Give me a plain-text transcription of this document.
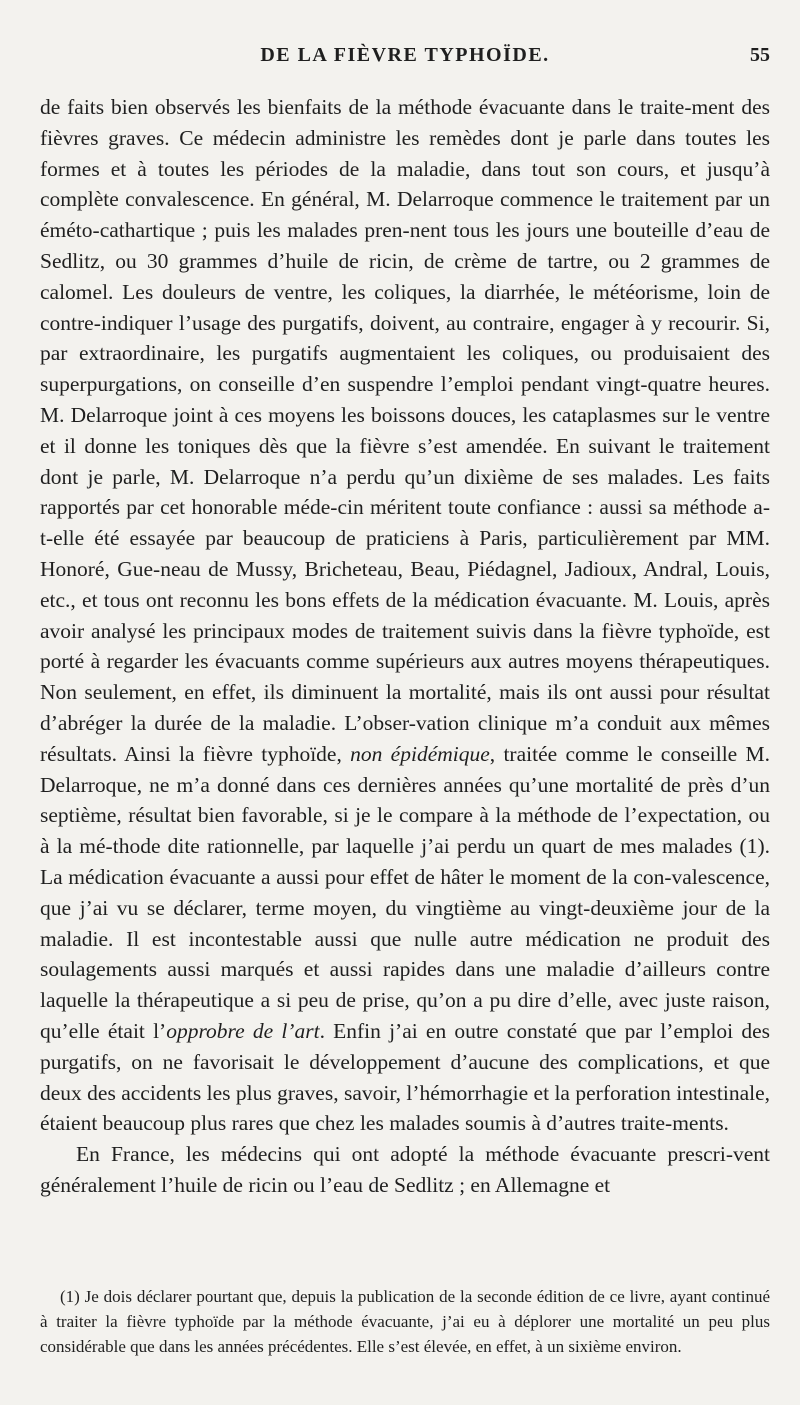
DE LA FIÈVRE TYPHOÏDE.	55

de faits bien observés les bienfaits de la méthode évacuante dans le traite-ment des fièvres graves. Ce médecin administre les remèdes dont je parle dans toutes les formes et à toutes les périodes de la maladie, dans tout son cours, et jusqu’à complète convalescence. En général, M. Delarroque commence le traitement par un éméto-cathartique ; puis les malades pren-nent tous les jours une bouteille d’eau de Sedlitz, ou 30 grammes d’huile de ricin, de crème de tartre, ou 2 grammes de calomel. Les douleurs de ventre, les coliques, la diarrhée, le météorisme, loin de contre-indiquer l’usage des purgatifs, doivent, au contraire, engager à y recourir. Si, par extraordinaire, les purgatifs augmentaient les coliques, ou produisaient des superpurgations, on conseille d’en suspendre l’emploi pendant vingt-quatre heures. M. Delarroque joint à ces moyens les boissons douces, les cataplasmes sur le ventre et il donne les toniques dès que la fièvre s’est amendée. En suivant le traitement dont je parle, M. Delarroque n’a perdu qu’un dixième de ses malades. Les faits rapportés par cet honorable méde-cin méritent toute confiance : aussi sa méthode a-t-elle été essayée par beaucoup de praticiens à Paris, particulièrement par MM. Honoré, Gue-neau de Mussy, Bricheteau, Beau, Piédagnel, Jadioux, Andral, Louis, etc., et tous ont reconnu les bons effets de la médication évacuante. M. Louis, après avoir analysé les principaux modes de traitement suivis dans la fièvre typhoïde, est porté à regarder les évacuants comme supérieurs aux autres moyens thérapeutiques. Non seulement, en effet, ils diminuent la mortalité, mais ils ont aussi pour résultat d’abréger la durée de la maladie. L’obser-vation clinique m’a conduit aux mêmes résultats. Ainsi la fièvre typhoïde, non épidémique, traitée comme le conseille M. Delarroque, ne m’a donné dans ces dernières années qu’une mortalité de près d’un septième, résultat bien favorable, si je le compare à la méthode de l’expectation, ou à la mé-thode dite rationnelle, par laquelle j’ai perdu un quart de mes malades (1). La médication évacuante a aussi pour effet de hâter le moment de la con-valescence, que j’ai vu se déclarer, terme moyen, du vingtième au vingt-deuxième jour de la maladie. Il est incontestable aussi que nulle autre médication ne produit des soulagements aussi marqués et aussi rapides dans une maladie d’ailleurs contre laquelle la thérapeutique a si peu de prise, qu’on a pu dire d’elle, avec juste raison, qu’elle était l’opprobre de l’art. Enfin j’ai en outre constaté que par l’emploi des purgatifs, on ne favorisait le développement d’aucune des complications, et que deux des accidents les plus graves, savoir, l’hémorrhagie et la perforation intestinale, étaient beaucoup plus rares que chez les malades soumis à d’autres traite-ments.

En France, les médecins qui ont adopté la méthode évacuante prescri-vent généralement l’huile de ricin ou l’eau de Sedlitz ; en Allemagne et

(1) Je dois déclarer pourtant que, depuis la publication de la seconde édition de ce livre, ayant continué à traiter la fièvre typhoïde par la méthode évacuante, j’ai eu à déplorer une mortalité un peu plus considérable que dans les années précédentes. Elle s’est élevée, en effet, à un sixième environ.
